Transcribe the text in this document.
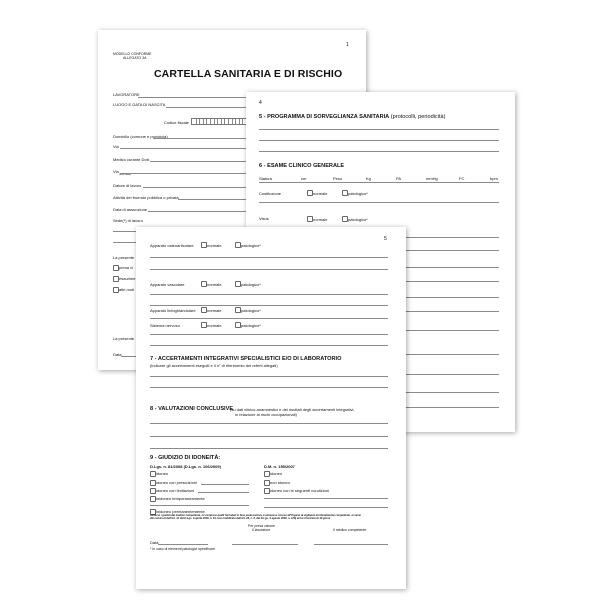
1
MODELLO CONFORME
ALLEGATO 3A
CARTELLA SANITARIA E DI RISCHIO
LAVORATORE
LUOGO E DATA DI NASCITA
Codice fiscale
Domicilio (comune e provincia)
Via
Medico curante Dott.
Via
(solo data)
Datore di lavoro
Attività del fruendo pubblica o privata
Data di assunzione
Sede(*) di lavoro
La presente
prima vi
esaurime
altri moti
La presente
Data
4
5 - PROGRAMMA DI SORVEGLIANZA SANITARIA (protocolli, periodicità)
6 - ESAME CLINICO GENERALE
Statura	cm	Peso	Kg	PA	mmHg	FC	bpm
Costituzione	normale	patologico*
Visus	normale	patologico*
5
Apparato osteoarticolare	normale	patologico*
Apparato vascolare	normale	patologico*
Apparato linfoghiandolare	normale	patologico*
Sistema nervoso	normale	patologico*
7 - ACCERTAMENTI INTEGRATIVI SPECIALISTICI E/O DI LABORATORIO
(indicare gli accertamenti eseguiti e il n° di riferimento dei referti allegati)
8 - VALUTAZIONI CONCLUSIVE
(su dati clinico-anamnestici e dei risultati degli accertamenti integrativi,
in relazione ai rischi occupazionali)
9 - GIUDIZIO DI IDONEITÀ:
D.Lgs. n. 81/2008 (D.Lgs. n. 106/2009)	D.M. n. 155/2007
idoneo
idoneo con prescrizioni
idoneo con limitazioni
inidoneo temporaneamente
inidoneo permanentemente
idoneo
non idoneo
idoneo con le seguenti condizioni
Avverso i giudizi del medico competente, ivi compresi quelli formulati in fase preassuntiva, è ammesso ricorso all'Organo di vigilanza territorialmente competente, ai sensi
del comma 9 dell'art. 41 del D.Lgs. 9 aprile 2008, n. 81 così modificato dall'art. 26, c. 6, del D.Lgs. 3 agosto 2009, n. 106) entro il termine di 30 giorni
Per presa visione
Il lavoratore	Il medico competente
Data
* In caso di elementi patologici specificare.
